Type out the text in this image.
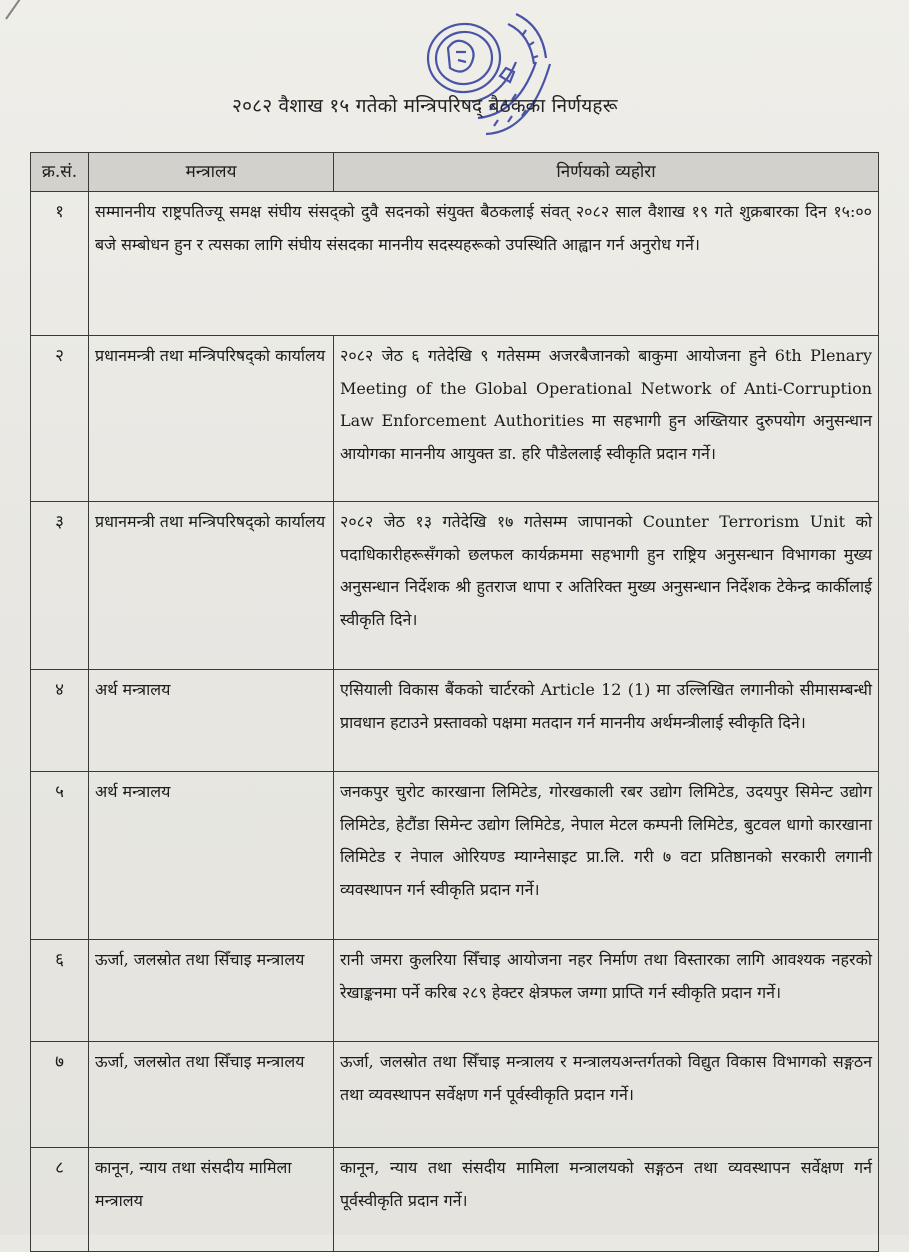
२०८२ वैशाख १५ गतेको मन्त्रिपरिषद् बैठकका निर्णयहरू
क्र.सं.	मन्त्रालय	निर्णयको व्यहोरा
१	सम्माननीय राष्ट्रपतिज्यू समक्ष संघीय संसद्को दुवै सदनको संयुक्त बैठकलाई संवत् २०८२ साल वैशाख १९ गते शुक्रबारका दिन १५:०० बजे सम्बोधन हुन र त्यसका लागि संघीय संसदका माननीय सदस्यहरूको उपस्थिति आह्वान गर्न अनुरोध गर्ने।	
२	प्रधानमन्त्री तथा मन्त्रिपरिषद्को कार्यालय	२०८२ जेठ ६ गतेदेखि ९ गतेसम्म अजरबैजानको बाकुमा आयोजना हुने 6th Plenary Meeting of the Global Operational Network of Anti-Corruption Law Enforcement Authorities मा सहभागी हुन अख्तियार दुरुपयोग अनुसन्धान आयोगका माननीय आयुक्त डा. हरि पौडेललाई स्वीकृति प्रदान गर्ने।
३	प्रधानमन्त्री तथा मन्त्रिपरिषद्को कार्यालय	२०८२ जेठ १३ गतेदेखि १७ गतेसम्म जापानको Counter Terrorism Unit को पदाधिकारीहरूसँगको छलफल कार्यक्रममा सहभागी हुन राष्ट्रिय अनुसन्धान विभागका मुख्य अनुसन्धान निर्देशक श्री हुतराज थापा र अतिरिक्त मुख्य अनुसन्धान निर्देशक टेकेन्द्र कार्कीलाई स्वीकृति दिने।
४	अर्थ मन्त्रालय	एसियाली विकास बैंकको चार्टरको Article 12 (1) मा उल्लिखित लगानीको सीमासम्बन्धी प्रावधान हटाउने प्रस्तावको पक्षमा मतदान गर्न माननीय अर्थमन्त्रीलाई स्वीकृति दिने।
५	अर्थ मन्त्रालय	जनकपुर चुरोट कारखाना लिमिटेड, गोरखकाली रबर उद्योग लिमिटेड, उदयपुर सिमेन्ट उद्योग लिमिटेड, हेटौंडा सिमेन्ट उद्योग लिमिटेड, नेपाल मेटल कम्पनी लिमिटेड, बुटवल धागो कारखाना लिमिटेड र नेपाल ओरियण्ड म्याग्नेसाइट प्रा.लि. गरी ७ वटा प्रतिष्ठानको सरकारी लगानी व्यवस्थापन गर्न स्वीकृति प्रदान गर्ने।
६	ऊर्जा, जलस्रोत तथा सिँचाइ मन्त्रालय	रानी जमरा कुलरिया सिँचाइ आयोजना नहर निर्माण तथा विस्तारका लागि आवश्यक नहरको रेखाङ्कनमा पर्ने करिब २८९ हेक्टर क्षेत्रफल जग्गा प्राप्ति गर्न स्वीकृति प्रदान गर्ने।
७	ऊर्जा, जलस्रोत तथा सिँचाइ मन्त्रालय	ऊर्जा, जलस्रोत तथा सिँचाइ मन्त्रालय र मन्त्रालयअन्तर्गतको विद्युत विकास विभागको सङ्गठन तथा व्यवस्थापन सर्वेक्षण गर्न पूर्वस्वीकृति प्रदान गर्ने।
८	कानून, न्याय तथा संसदीय मामिला मन्त्रालय	कानून, न्याय तथा संसदीय मामिला मन्त्रालयको सङ्गठन तथा व्यवस्थापन सर्वेक्षण गर्न पूर्वस्वीकृति प्रदान गर्ने।
